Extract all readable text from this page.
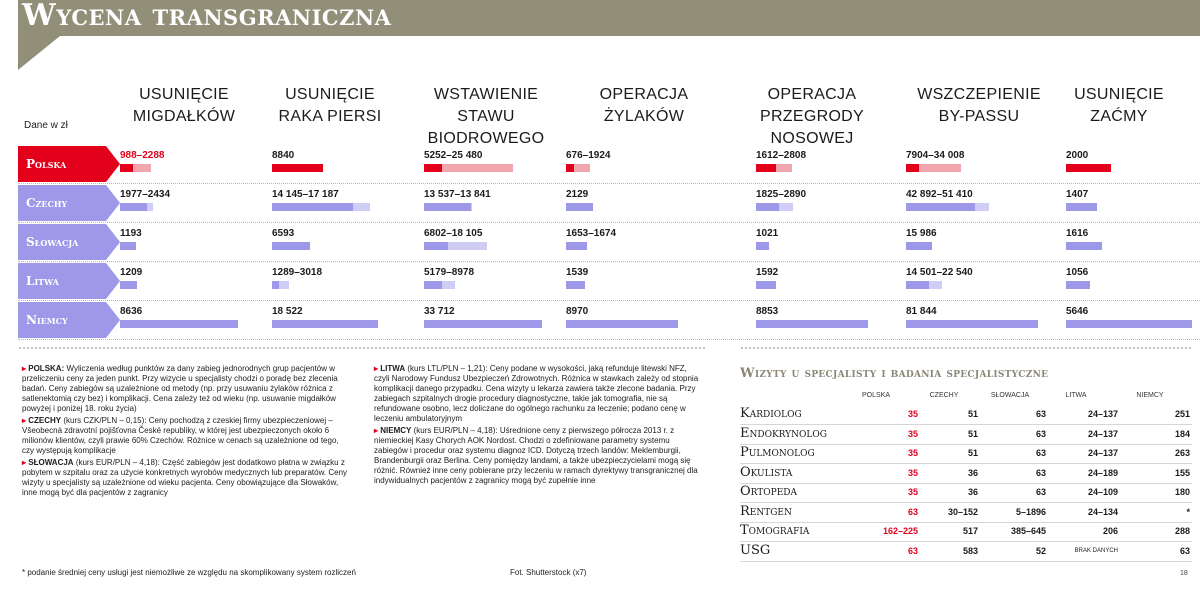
Wycena transgraniczna
Dane w zł
* podanie średniej ceny usługi jest niemożliwe ze względu na skomplikowany system rozliczeń	Fot. Shutterstock (x7)	18
USUNIĘCIE
MIGDAŁKÓW
USUNIĘCIE
RAKA PIERSI
WSTAWIENIE STAWU
BIODROWEGO
OPERACJA
ŻYLAKÓW
OPERACJA PRZEGRODY
NOSOWEJ
WSZCZEPIENIE
BY-PASSU
USUNIĘCIE
ZAĆMY
Polska
988–2288	8840	5252–25 480	676–1924	1612–2808	7904–34 008	2000
Czechy
1977–2434	14 145–17 187	13 537–13 841	2129	1825–2890	42 892–51 410	1407
Słowacja
1193	6593	6802–18 105	1653–1674	1021	15 986	1616
Litwa
1209	1289–3018	5179–8978	1539	1592	14 501–22 540	1056
Niemcy
8636	18 522	33 712	8970	8853	81 844	5646
▸ POLSKA: Wyliczenia według punktów za dany zabieg jednorodnych grup pacjentów w przeliczeniu ceny za jeden punkt. Przy wizycie u specjalisty chodzi o poradę bez zlecenia badań. Ceny zabiegów są uzależnione od metody (np. przy usuwaniu żylaków różnica z satlenektomią czy bez) i komplikacji. Cena zależy też od wieku (np. usuwanie migdałków powyżej i poniżej 18. roku życia)
▸ CZECHY (kurs CZK/PLN – 0,15): Ceny pochodzą z czeskiej firmy ubezpieczeniowej – Všeobecná zdravotní pojišťovna České republiky, w której jest ubezpieczonych około 6 milionów klientów, czyli prawie 60% Czechów. Różnice w cenach są uzależnione od tego, czy występują komplikacje
▸ SŁOWACJA (kurs EUR/PLN – 4,18): Część zabiegów jest dodatkowo płatna w związku z pobytem w szpitalu oraz za użycie konkretnych wyrobów medycznych lub preparatów. Ceny wizyty u specjalisty są uzależnione od wieku pacjenta. Ceny obowiązujące dla Słowaków, inne mogą być dla pacjentów z zagranicy
▸ LITWA (kurs LTL/PLN – 1,21): Ceny podane w wysokości, jaką refunduje litewski NFZ, czyli Narodowy Fundusz Ubezpieczeń Zdrowotnych. Różnica w stawkach zależy od stopnia komplikacji danego przypadku. Cena wizyty u lekarza zawiera także zlecone badania. Przy zabiegach szpitalnych drogie procedury diagnostyczne, takie jak tomografia, nie są refundowane osobno, lecz doliczane do ogólnego rachunku za leczenie; podano cenę w leczeniu ambulatoryjnym
▸ NIEMCY (kurs EUR/PLN – 4,18): Uśrednione ceny z pierwszego półrocza 2013 r. z niemieckiej Kasy Chorych AOK Nordost. Chodzi o zdefiniowane parametry systemu zabiegów i procedur oraz systemu diagnoz ICD. Dotyczą trzech landów: Meklemburgii, Brandenburgii oraz Berlina. Ceny pomiędzy landami, a także ubezpieczycielami mogą się różnić. Również inne ceny pobierane przy leczeniu w ramach dyrektywy transgranicznej dla indywidualnych pacjentów z zagranicy mogą być zupełnie inne
Wizyty u specjalisty i badania specjalistyczne
POLSKA	CZECHY	SŁOWACJA	LITWA	NIEMCY
Kardiolog	35	51	63	24–137	251
Endokrynolog	35	51	63	24–137	184
Pulmonolog	35	51	63	24–137	263
Okulista	35	36	63	24–189	155
Ortopeda	35	36	63	24–109	180
Rentgen	63	30–152	5–1896	24–134	*
Tomografia	162–225	517	385–645	206	288
USG	63	583	52	BRAK DANYCH	63
